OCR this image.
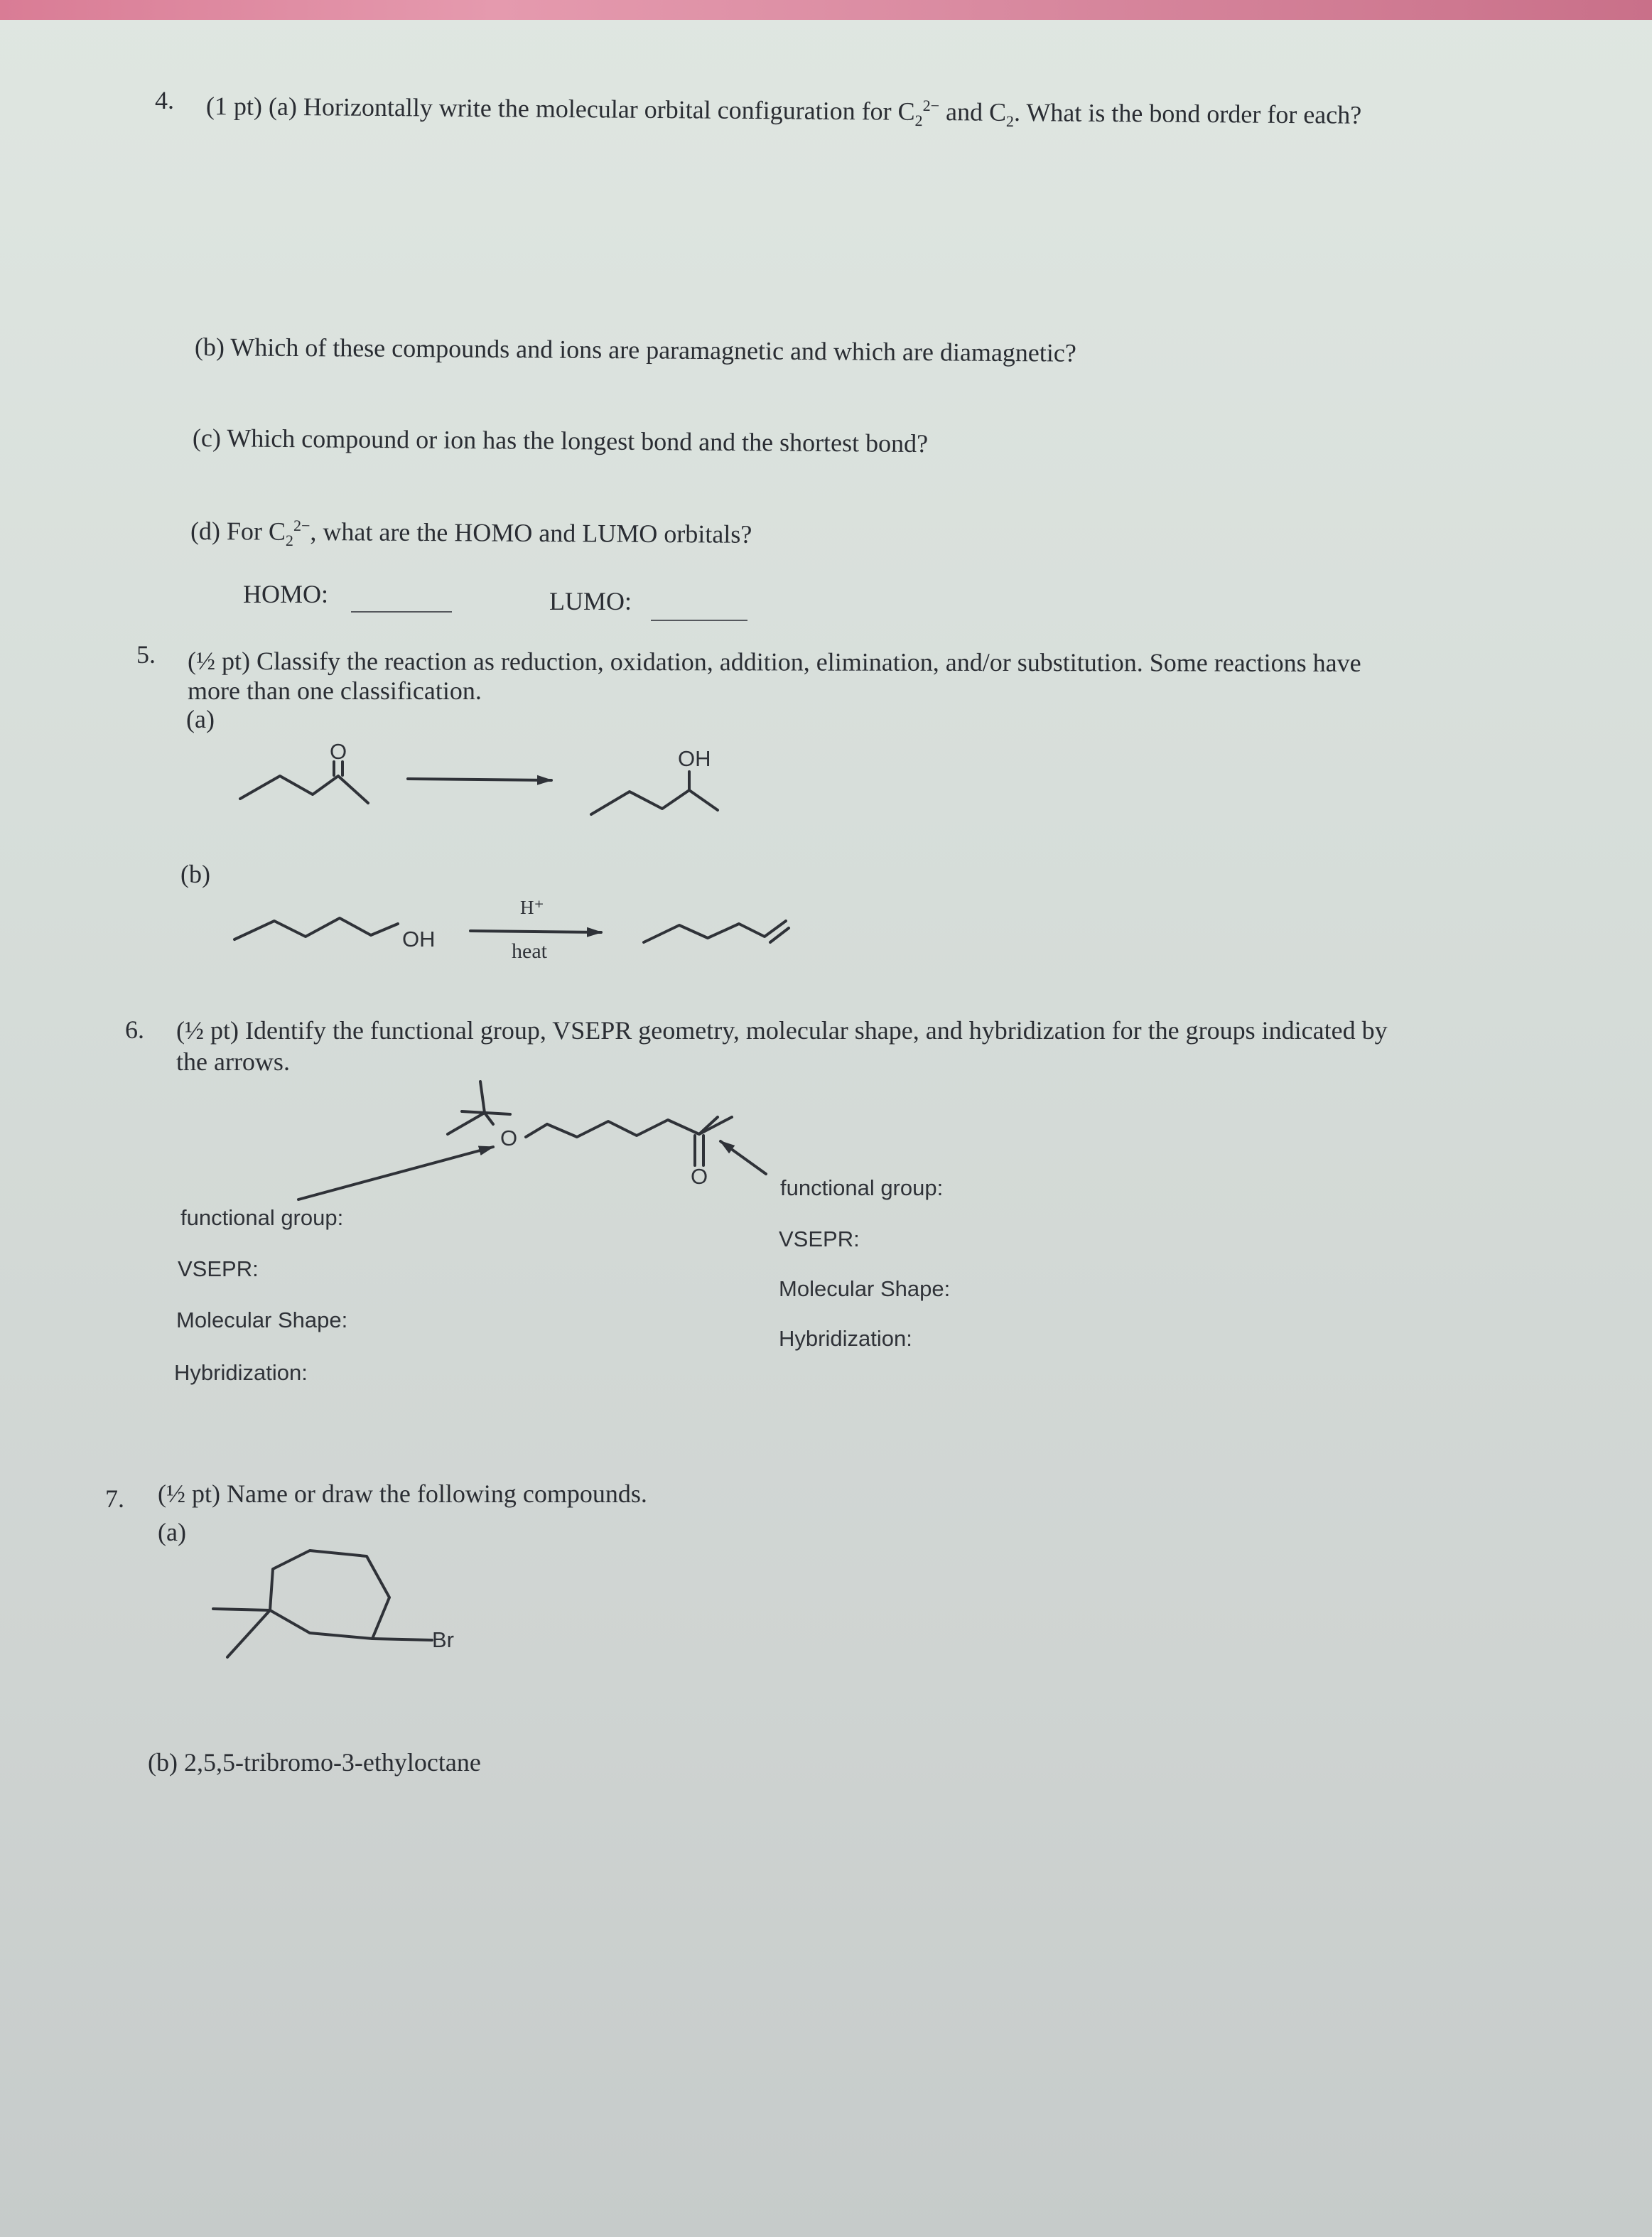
4. (1 pt) (a) Horizontally write the molecular orbital configuration for $C_2^{2-}$ and $C_2$. What is the bond order for each?
(b) Which of these compounds and ions are paramagnetic and which are diamagnetic?
(c) Which compound or ion has the longest bond and the shortest bond?
(d) For $C_2^{2-}$, what are the HOMO and LUMO orbitals?
HOMO:	LUMO:
5. (½ pt) Classify the reaction as reduction, oxidation, addition, elimination, and/or substitution. Some reactions have
more than one classification.
(a)
(b)
6. (½ pt) Identify the functional group, VSEPR geometry, molecular shape, and hybridization for the groups indicated by
the arrows.
functional group:
VSEPR:
Molecular Shape:
Hybridization:
functional group:
VSEPR:
Molecular Shape:
Hybridization:
7. (½ pt) Name or draw the following compounds.
(a)
(b) 2,5,5-tribromo-3-ethyloctane
O	OH
OH
H⁺
heat
O
O
Br
